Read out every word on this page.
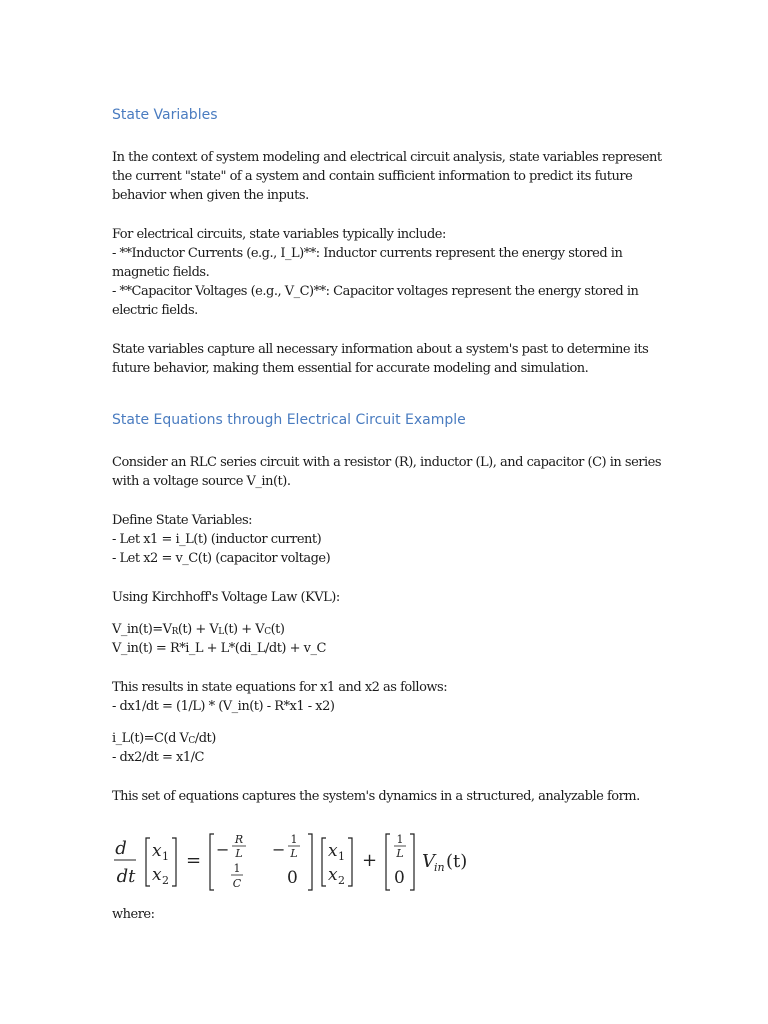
State Variables

In the context of system modeling and electrical circuit analysis, state variables represent

the current "state" of a system and contain sufficient information to predict its future

behavior when given the inputs.

For electrical circuits, state variables typically include:

- **Inductor Currents (e.g., I_L)**: Inductor currents represent the energy stored in

magnetic fields.

- **Capacitor Voltages (e.g., V_C)**: Capacitor voltages represent the energy stored in

electric fields.

State variables capture all necessary information about a system's past to determine its

future behavior, making them essential for accurate modeling and simulation.

State Equations through Electrical Circuit Example

Consider an RLC series circuit with a resistor (R), inductor (L), and capacitor (C) in series

with a voltage source V_in(t).

Define State Variables:

- Let x1 = i_L(t) (inductor current)

- Let x2 = v_C(t) (capacitor voltage)

Using Kirchhoff's Voltage Law (KVL):

V_in(t)=VR(t) + VL(t) + VC(t)

V_in(t) = R*i_L + L*(di_L/dt) + v_C

This results in state equations for x1 and x2 as follows:

- dx1/dt = (1/L) * (V_in(t) - R*x1 - x2)

i_L(t)=C(d VC/dt)

- dx2/dt = x1/C

This set of equations captures the system's dynamics in a structured, analyzable form.

d
dt
x 1
x 2
=
−
R
L −
1
L
1
C	0
x 1
x 2
+
1
L
0
V in (t)

where:
